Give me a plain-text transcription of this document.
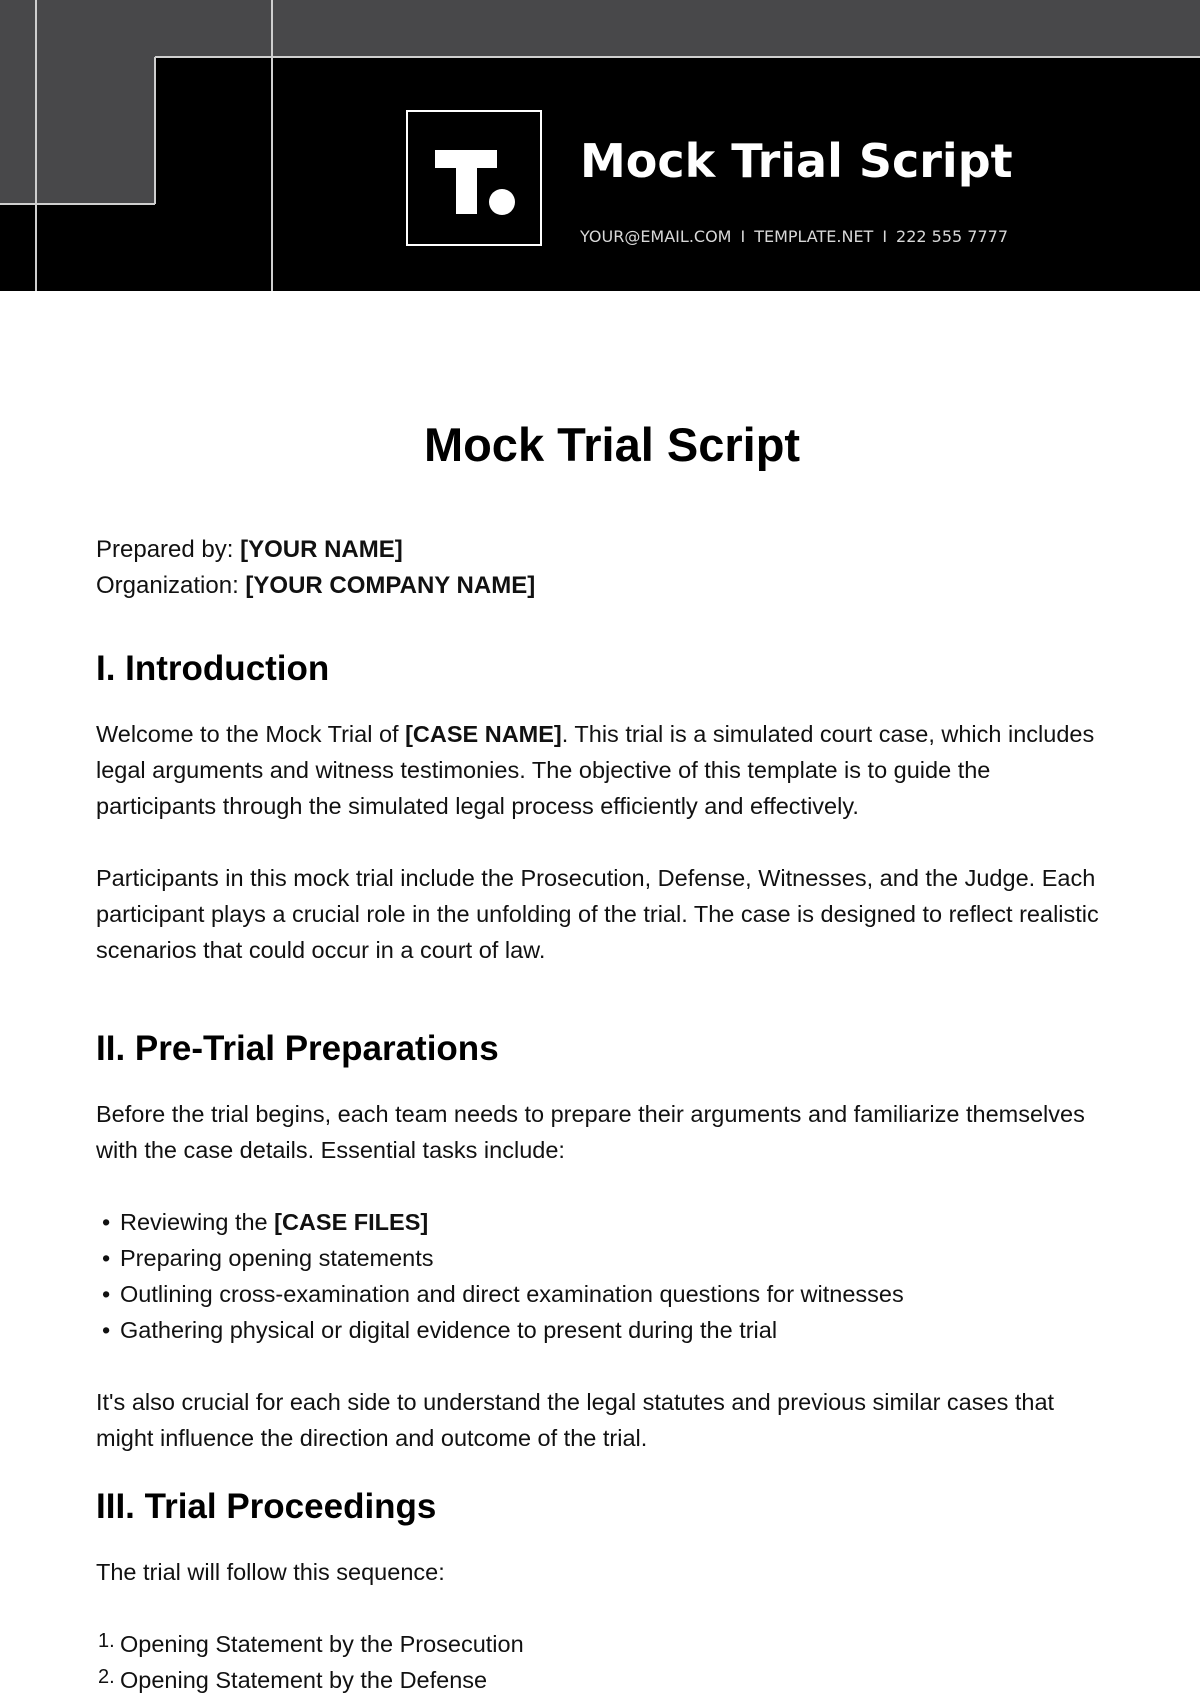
Mock Trial Script
YOUR@EMAIL.COM I TEMPLATE.NET I 222 555 7777
Mock Trial Script
Prepared by: [YOUR NAME]
Organization: [YOUR COMPANY NAME]
I. Introduction

Welcome to the Mock Trial of [CASE NAME]. This trial is a simulated court case, which includes legal arguments and witness testimonies. The objective of this template is to guide the participants through the simulated legal process efficiently and effectively.

Participants in this mock trial include the Prosecution, Defense, Witnesses, and the Judge. Each participant plays a crucial role in the unfolding of the trial. The case is designed to reflect realistic scenarios that could occur in a court of law.

II. Pre-Trial Preparations

Before the trial begins, each team needs to prepare their arguments and familiarize themselves with the case details. Essential tasks include:

• Reviewing the [CASE FILES]
• Preparing opening statements
• Outlining cross-examination and direct examination questions for witnesses
• Gathering physical or digital evidence to present during the trial

It's also crucial for each side to understand the legal statutes and previous similar cases that might influence the direction and outcome of the trial.

III. Trial Proceedings

The trial will follow this sequence:

1. Opening Statement by the Prosecution
2. Opening Statement by the Defense
